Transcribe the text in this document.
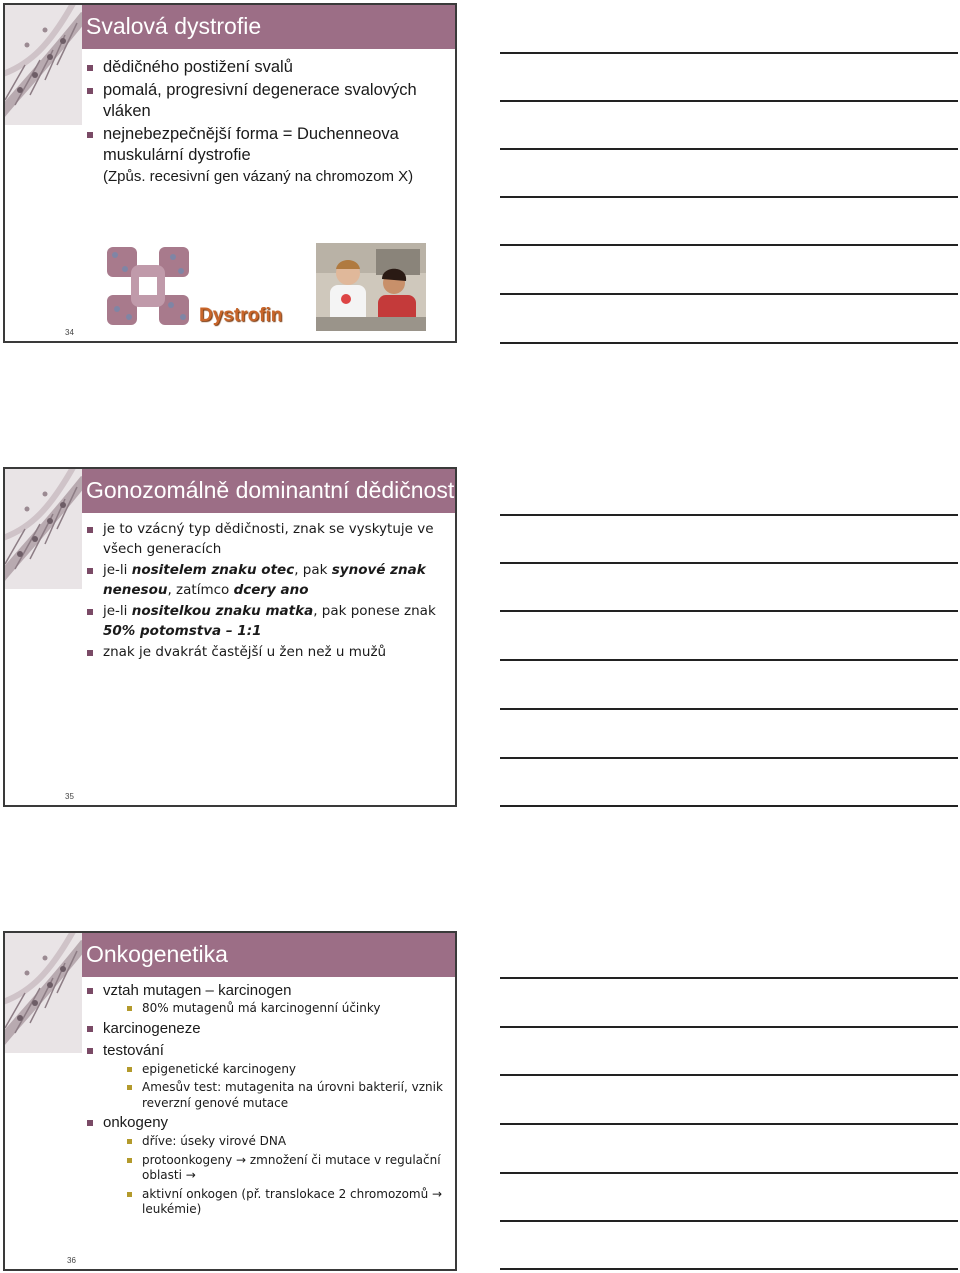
Svalová dystrofie
dědičného postižení svalů
pomalá, progresivní degenerace svalových vláken
nejnebezpečnější forma = Duchenneova muskulární dystrofie
(Způs. recesivní gen vázaný na chromozom X)
Dystrofin
34
Gonozomálně dominantní dědičnost
je to vzácný typ dědičnosti, znak se vyskytuje ve všech generacích
je-li nositelem znaku otec, pak synové znak nenesou, zatímco dcery ano
je-li nositelkou znaku matka, pak ponese znak 50% potomstva – 1:1
znak je dvakrát častější u žen než u mužů
35
Onkogenetika
vztah mutagen – karcinogen
80% mutagenů má karcinogenní účinky
karcinogeneze
testování
epigenetické karcinogeny
Amesův test: mutagenita na úrovni bakterií, vznik reverzní genové mutace
onkogeny
dříve: úseky virové DNA
protoonkogeny → zmnožení či mutace v regulační oblasti →
aktivní onkogen (př. translokace 2 chromozomů → leukémie)
36
